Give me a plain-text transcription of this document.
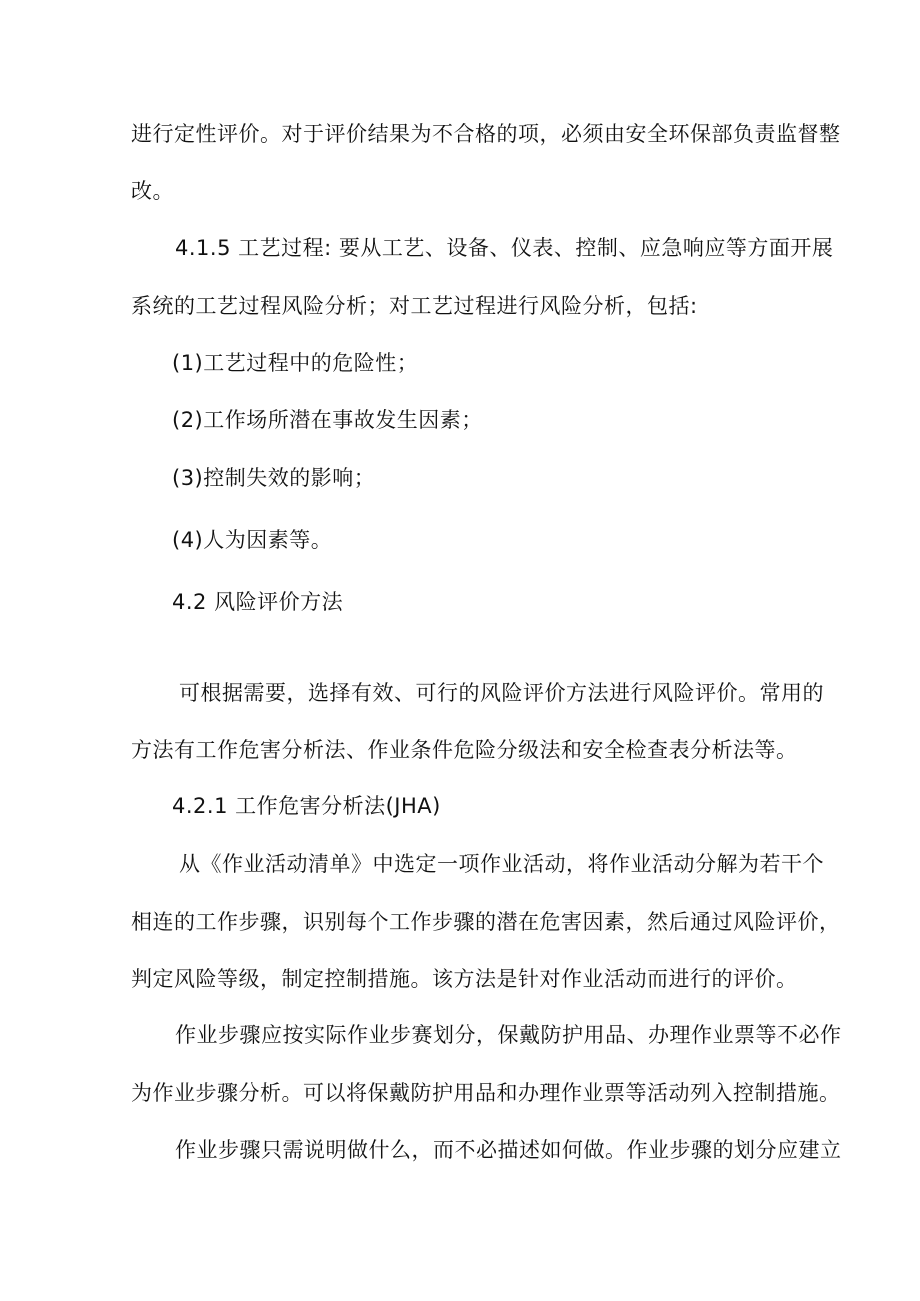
进行定性评价。对于评价结果为不合格的项，必须由安全环保部负责监督整
改。
4.1.5 工艺过程: 要从工艺、设备、仪表、控制、应急响应等方面开展
系统的工艺过程风险分析；对工艺过程进行风险分析，包括:
(1)工艺过程中的危险性；
(2)工作场所潜在事故发生因素；
(3)控制失效的影响；
(4)人为因素等。
4.2 风险评价方法
可根据需要，选择有效、可行的风险评价方法进行风险评价。常用的
方法有工作危害分析法、作业条件危险分级法和安全检查表分析法等。
4.2.1 工作危害分析法(JHA)
从《作业活动清单》中选定一项作业活动，将作业活动分解为若干个
相连的工作步骤，识别每个工作步骤的潜在危害因素，然后通过风险评价，
判定风险等级，制定控制措施。该方法是针对作业活动而进行的评价。
作业步骤应按实际作业步赛划分，保戴防护用品、办理作业票等不必作
为作业步骤分析。可以将保戴防护用品和办理作业票等活动列入控制措施。
作业步骤只需说明做什么，而不必描述如何做。作业步骤的划分应建立
